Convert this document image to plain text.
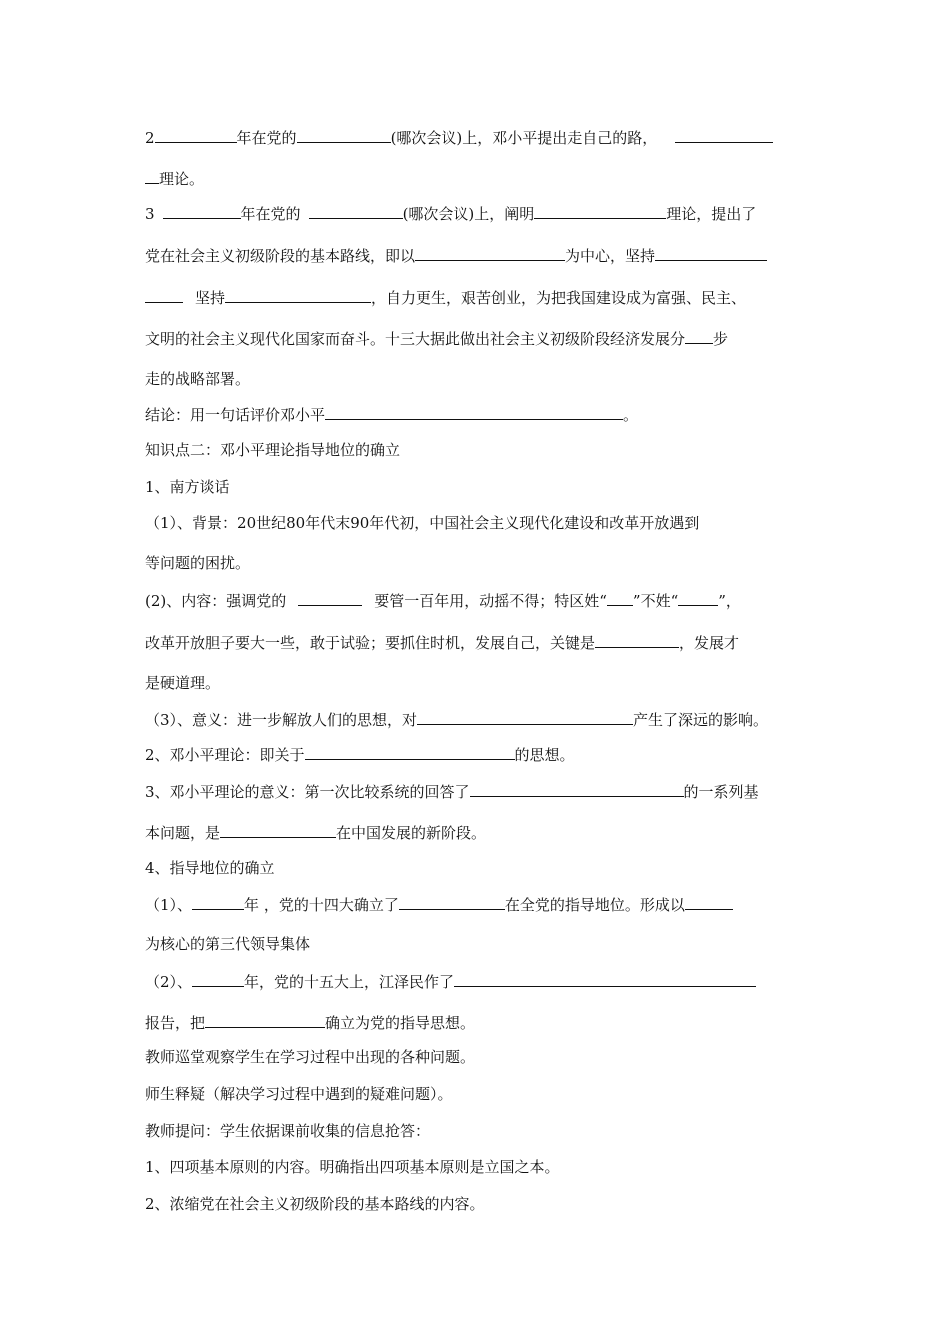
2	年在党的	(哪次会议)上，邓小平提出走自己的路，
理论。
3	年在党的	(哪次会议)上，阐明	理论，提出了
党在社会主义初级阶段的基本路线，即以	为中心，坚持
坚持	，自力更生，艰苦创业，为把我国建设成为富强、民主、
文明的社会主义现代化国家而奋斗。十三大据此做出社会主义初级阶段经济发展分 步
走的战略部署。
结论：用一句话评价邓小平	。
知识点二：邓小平理论指导地位的确立
1、南方谈话
（1）、背景：20世纪80年代末90年代初，中国社会主义现代化建设和改革开放遇到
等问题的困扰。
(2)、内容：强调党的	要管一百年用，动摇不得；特区姓“ ”不姓“	”，
改革开放胆子要大一些，敢于试验；要抓住时机，发展自己，关键是	，发展才
是硬道理。
（3）、意义：进一步解放人们的思想，对	产生了深远的影响。
2、邓小平理论：即关于	的思想。
3、邓小平理论的意义：第一次比较系统的回答了	的一系列基
本问题，是	在中国发展的新阶段。
4、指导地位的确立
（1）、	年 ，党的十四大确立了	在全党的指导地位。形成以
为核心的第三代领导集体
（2）、	年，党的十五大上，江泽民作了
报告，把	确立为党的指导思想。
教师巡堂观察学生在学习过程中出现的各种问题。
师生释疑（解决学习过程中遇到的疑难问题）。
教师提问：学生依据课前收集的信息抢答：
1、四项基本原则的内容。明确指出四项基本原则是立国之本。
2、浓缩党在社会主义初级阶段的基本路线的内容。
